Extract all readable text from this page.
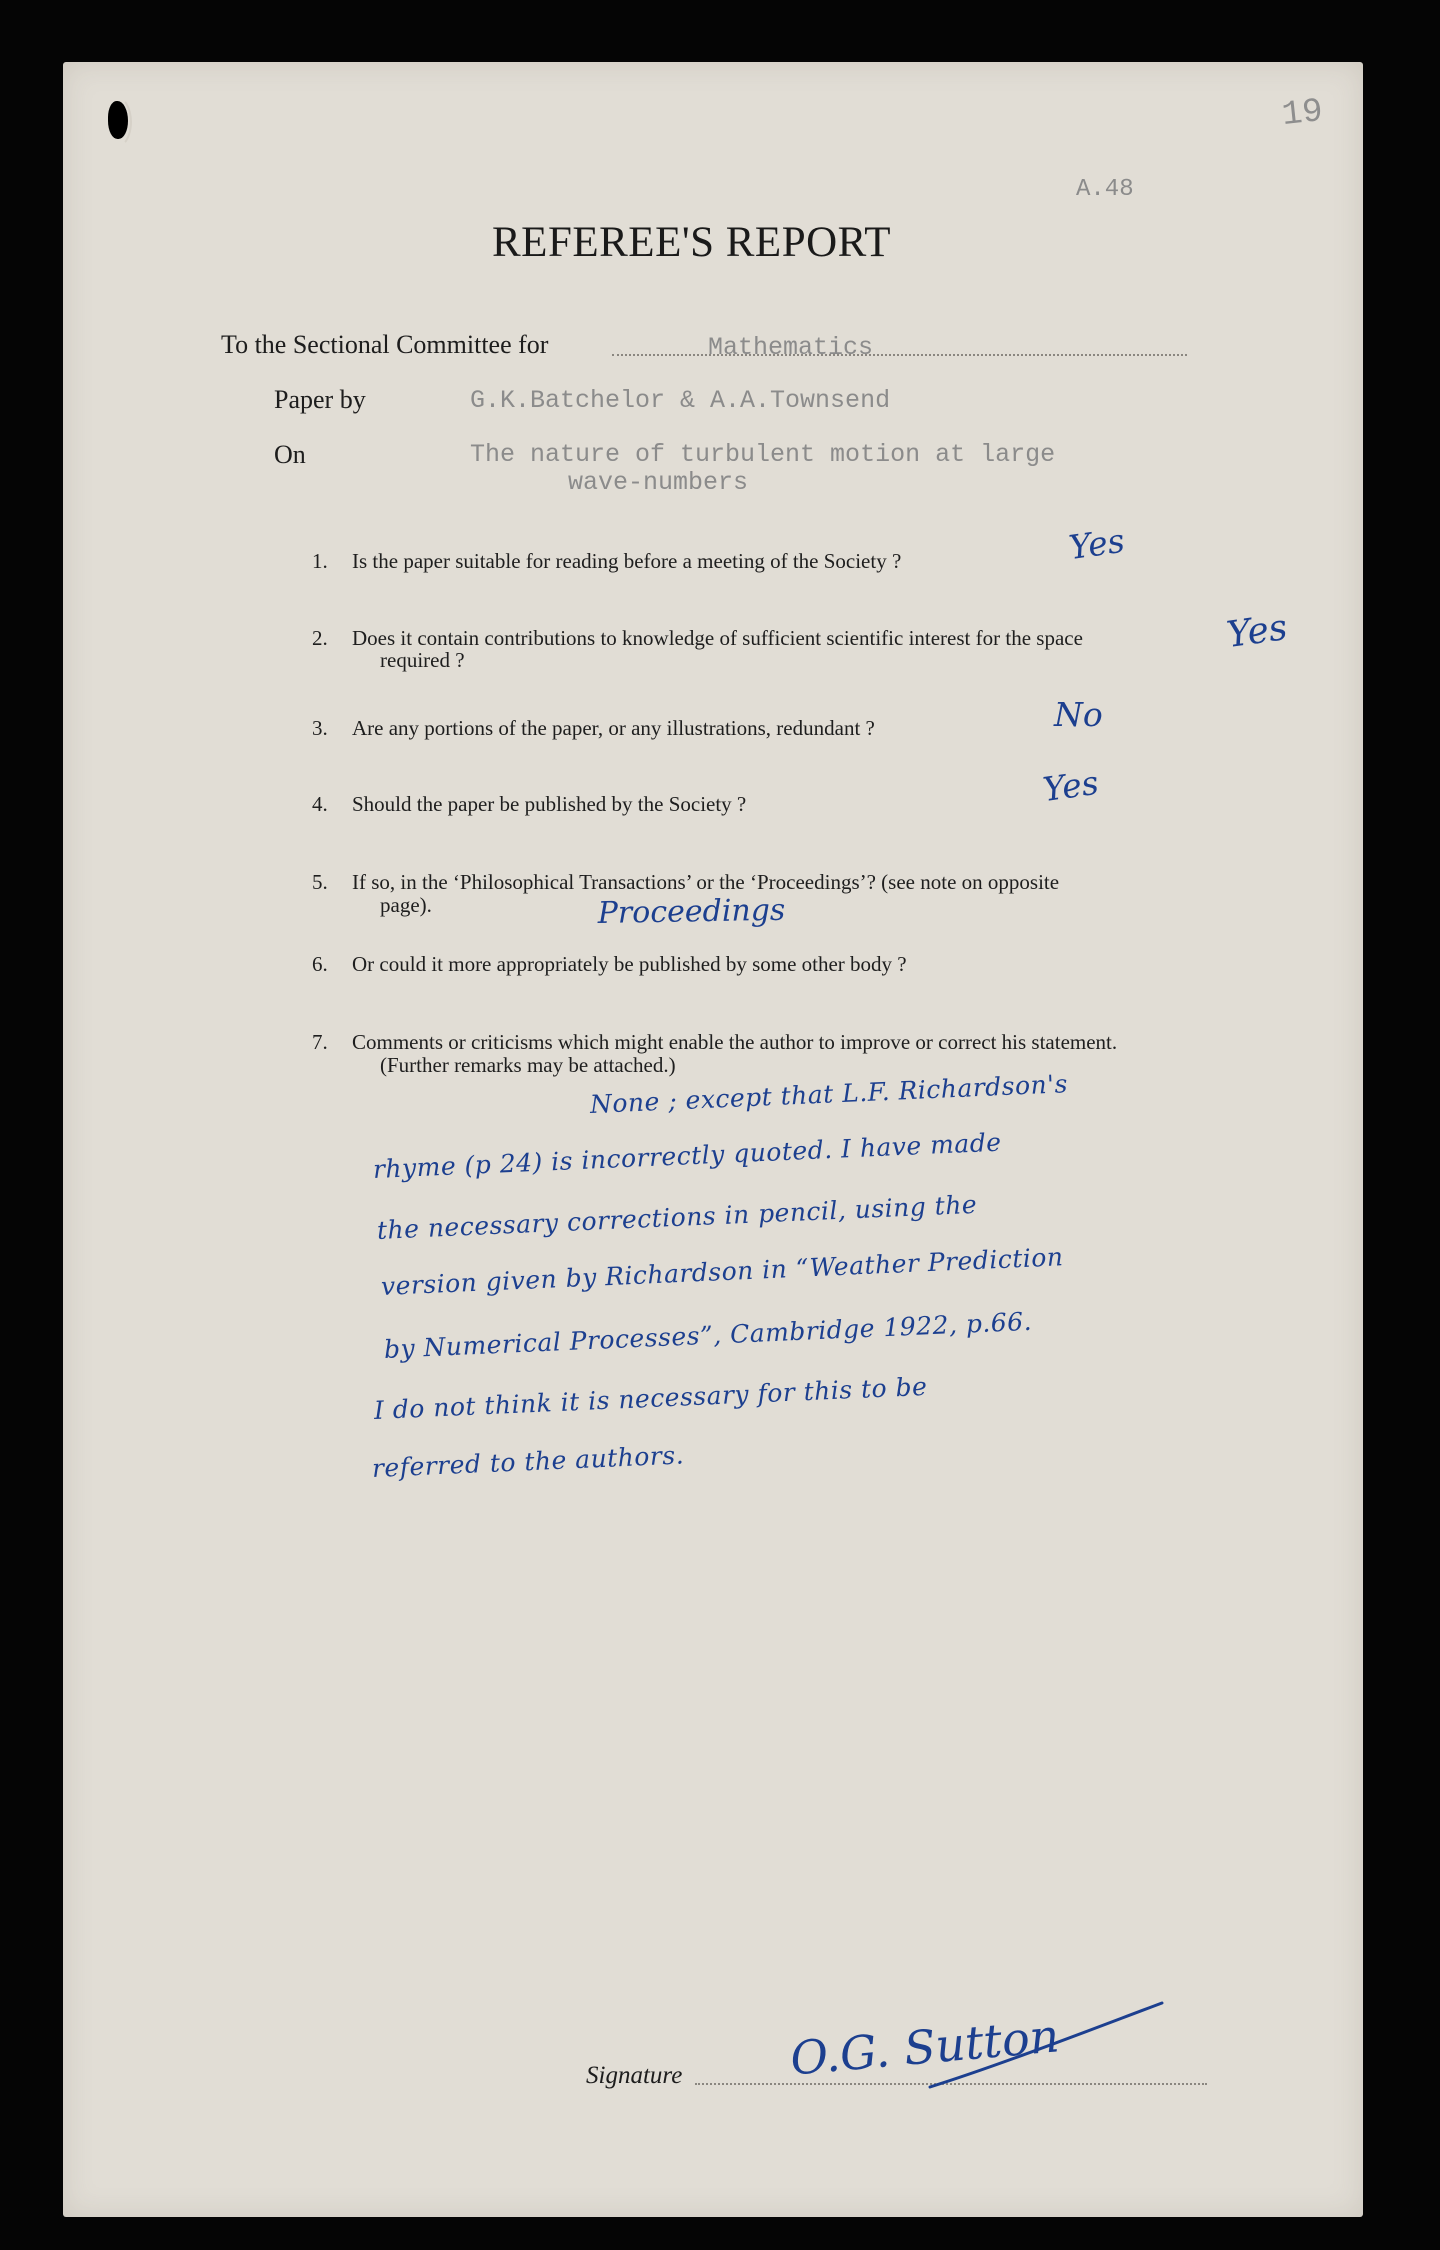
19
A.48
REFEREE'S REPORT
To the Sectional Committee for	Mathematics
Paper by	G.K.Batchelor & A.A.Townsend
On	The nature of turbulent motion at large
wave-numbers
1. Is the paper suitable for reading before a meeting of the Society ?	Yes
2. Does it contain contributions to knowledge of sufficient scientific interest for the space
required ?
Yes
3. Are any portions of the paper, or any illustrations, redundant ?	No
4. Should the paper be published by the Society ?	Yes
5. If so, in the ‘Philosophical Transactions’ or the ‘Proceedings’? (see note on opposite
page).	Proceedings
6. Or could it more appropriately be published by some other body ?
7. Comments or criticisms which might enable the author to improve or correct his statement.
(Further remarks may be attached.)
None ; except that L.F. Richardson's
rhyme (p 24) is incorrectly quoted. I have made
the necessary corrections in pencil, using the
version given by Richardson in “Weather Prediction
by Numerical Processes”, Cambridge 1922, p.66.
I do not think it is necessary for this to be
referred to the authors.
Signature O.G. Sutton
